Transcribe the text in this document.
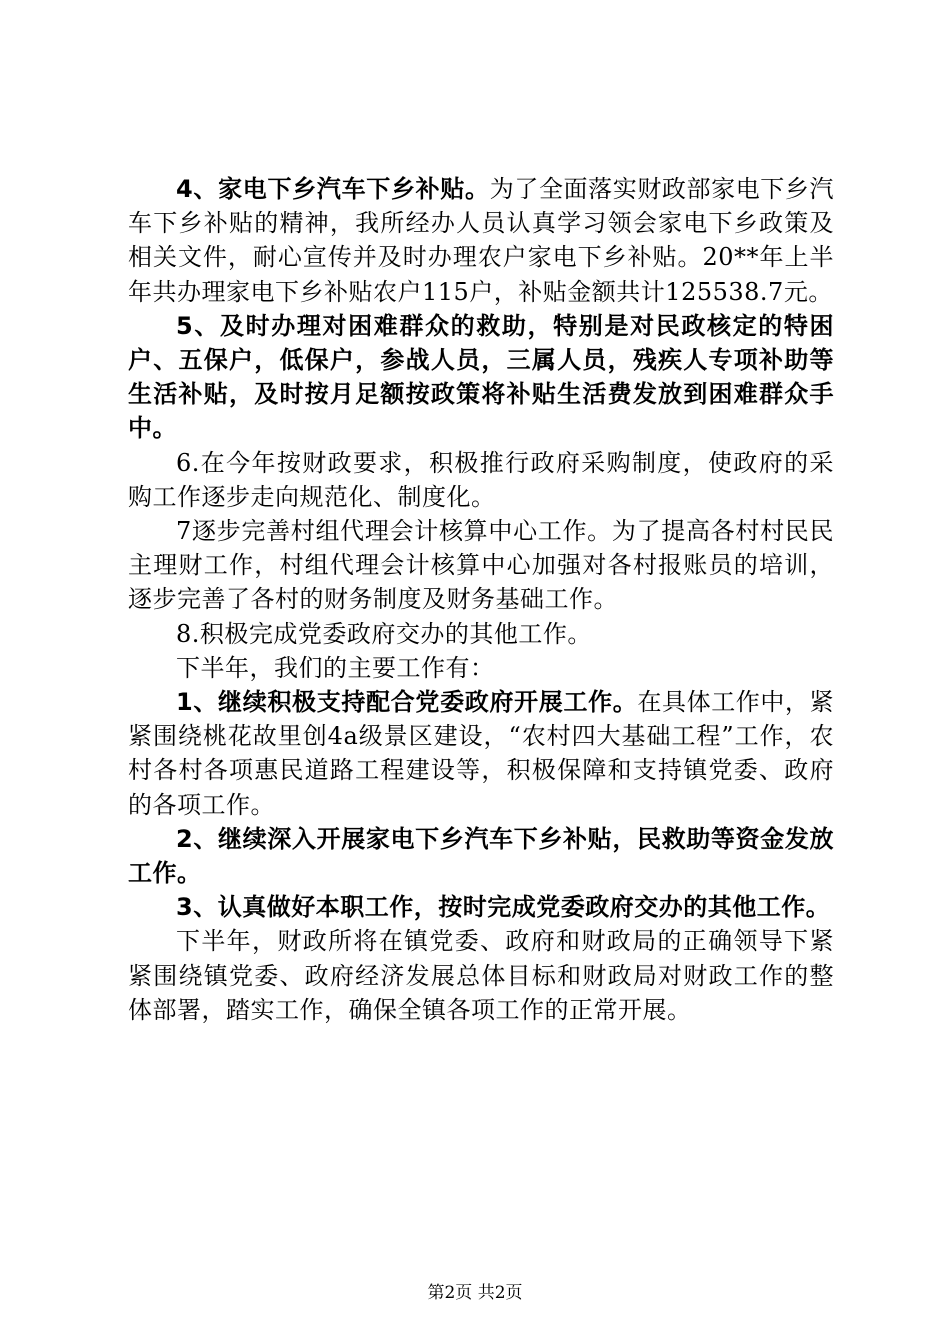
4、家电下乡汽车下乡补贴。为了全面落实财政部家电下乡汽车下乡补贴的精神，我所经办人员认真学习领会家电下乡政策及相关文件，耐心宣传并及时办理农户家电下乡补贴。20**年上半年共办理家电下乡补贴农户115户，补贴金额共计125538.7元。

5、及时办理对困难群众的救助，特别是对民政核定的特困户、五保户，低保户，参战人员，三属人员，残疾人专项补助等生活补贴，及时按月足额按政策将补贴生活费发放到困难群众手中。

6.在今年按财政要求，积极推行政府采购制度，使政府的采购工作逐步走向规范化、制度化。

7逐步完善村组代理会计核算中心工作。为了提高各村村民民主理财工作，村组代理会计核算中心加强对各村报账员的培训，逐步完善了各村的财务制度及财务基础工作。

8.积极完成党委政府交办的其他工作。

下半年，我们的主要工作有：

1、继续积极支持配合党委政府开展工作。在具体工作中，紧紧围绕桃花故里创4a级景区建设，“农村四大基础工程”工作，农村各村各项惠民道路工程建设等，积极保障和支持镇党委、政府的各项工作。

2、继续深入开展家电下乡汽车下乡补贴，民救助等资金发放工作。

3、认真做好本职工作，按时完成党委政府交办的其他工作。

下半年，财政所将在镇党委、政府和财政局的正确领导下紧紧围绕镇党委、政府经济发展总体目标和财政局对财政工作的整体部署，踏实工作，确保全镇各项工作的正常开展。

第2页 共2页
